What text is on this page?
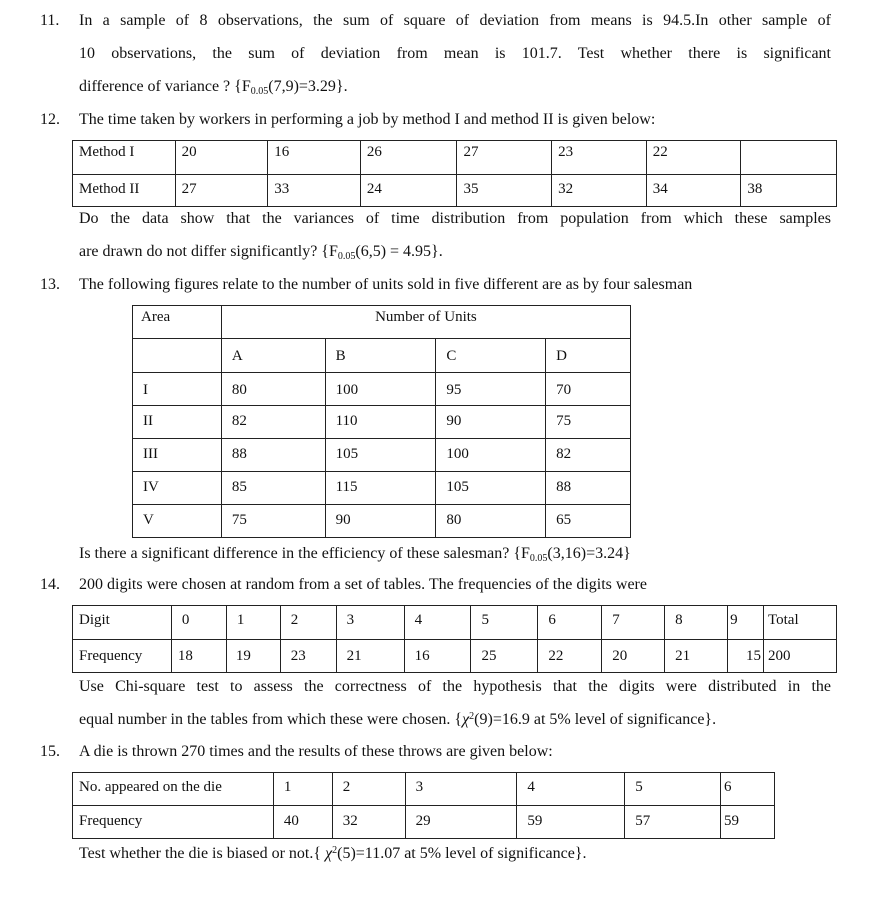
11.	In a sample of 8 observations, the sum of square of deviation from means is 94.5.In other sample of
10 observations, the sum of deviation from mean is 101.7. Test whether there is significant
difference of variance ? $\{F_{0.05}(7,9)=3.29\}$.
12.	The time taken by workers in performing a job by method I and method II is given below:
Method I	20	16	26	27	23	22	
Method II	27	33	24	35	32	34	38
Do the data show that the variances of time distribution from population from which these samples
are drawn do not differ significantly? $\{F_{0.05}(6,5) = 4.95\}$.
13.	The following figures relate to the number of units sold in five different are as by four salesman
Area	Number of Units			
	A	B	C	D
I	80	100	95	70
II	82	110	90	75
III	88	105	100	82
IV	85	115	105	88
V	75	90	80	65
Is there a significant difference in the efficiency of these salesman? $\{F_{0.05}(3,16)=3.24\}$
14.	200 digits were chosen at random from a set of tables. The frequencies of the digits were
Digit	0	1	2	3	4	5	6	7	8	9	Total
Frequency	18	19	23	21	16	25	22	20	21	15	200
Use Chi-square test to assess the correctness of the hypothesis that the digits were distributed in the
equal number in the tables from which these were chosen. {$\chi^2(9)=16.9$ at 5% level of significance}.
15.	A die is thrown 270 times and the results of these throws are given below:
No. appeared on the die	1	2	3	4	5	6
Frequency	40	32	29	59	57	59
Test whether the die is biased or not.{ $\chi^2(5)=11.07$ at 5% level of significance}.
